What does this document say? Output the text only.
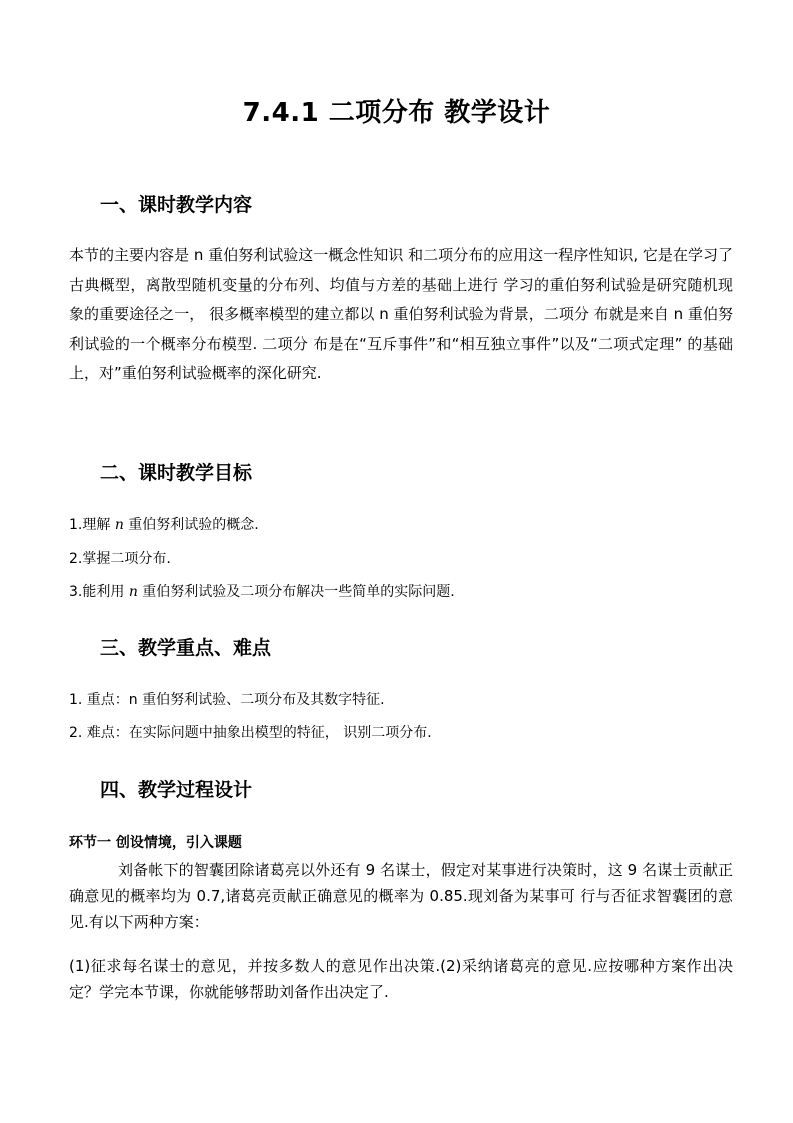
7.4.1 二项分布 教学设计
一、课时教学内容
本节的主要内容是 n 重伯努利试验这一概念性知识 和二项分布的应用这一程序性知识, 它是在学习了古典概型，离散型随机变量的分布列、均值与方差的基础上进行 学习的重伯努利试验是研究随机现象的重要途径之一， 很多概率模型的建立都以 n 重伯努利试验为背景，二项分 布就是来自 n 重伯努利试验的一个概率分布模型. 二项分 布是在“互斥事件”和“相互独立事件”以及“二项式定理” 的基础上，对”重伯努利试验概率的深化研究.
二、课时教学目标
1.理解 n 重伯努利试验的概念.
2.掌握二项分布.
3.能利用 n 重伯努利试验及二项分布解决一些简单的实际问题.
三、教学重点、难点
1. 重点：n 重伯努利试验、二项分布及其数字特征.
2. 难点：在实际问题中抽象出模型的特征， 识别二项分布.
四、教学过程设计
环节一 创设情境，引入课题
刘备帐下的智囊团除诸葛亮以外还有 9 名谋士，假定对某事进行决策时，这 9 名谋士贡献正确意见的概率均为 0.7,诸葛亮贡献正确意见的概率为 0.85.现刘备为某事可 行与否征求智囊团的意见.有以下两种方案：
(1)征求每名谋士的意见，并按多数人的意见作出决策.(2)采纳诸葛亮的意见.应按哪种方案作出决定？学完本节课，你就能够帮助刘备作出决定了.
